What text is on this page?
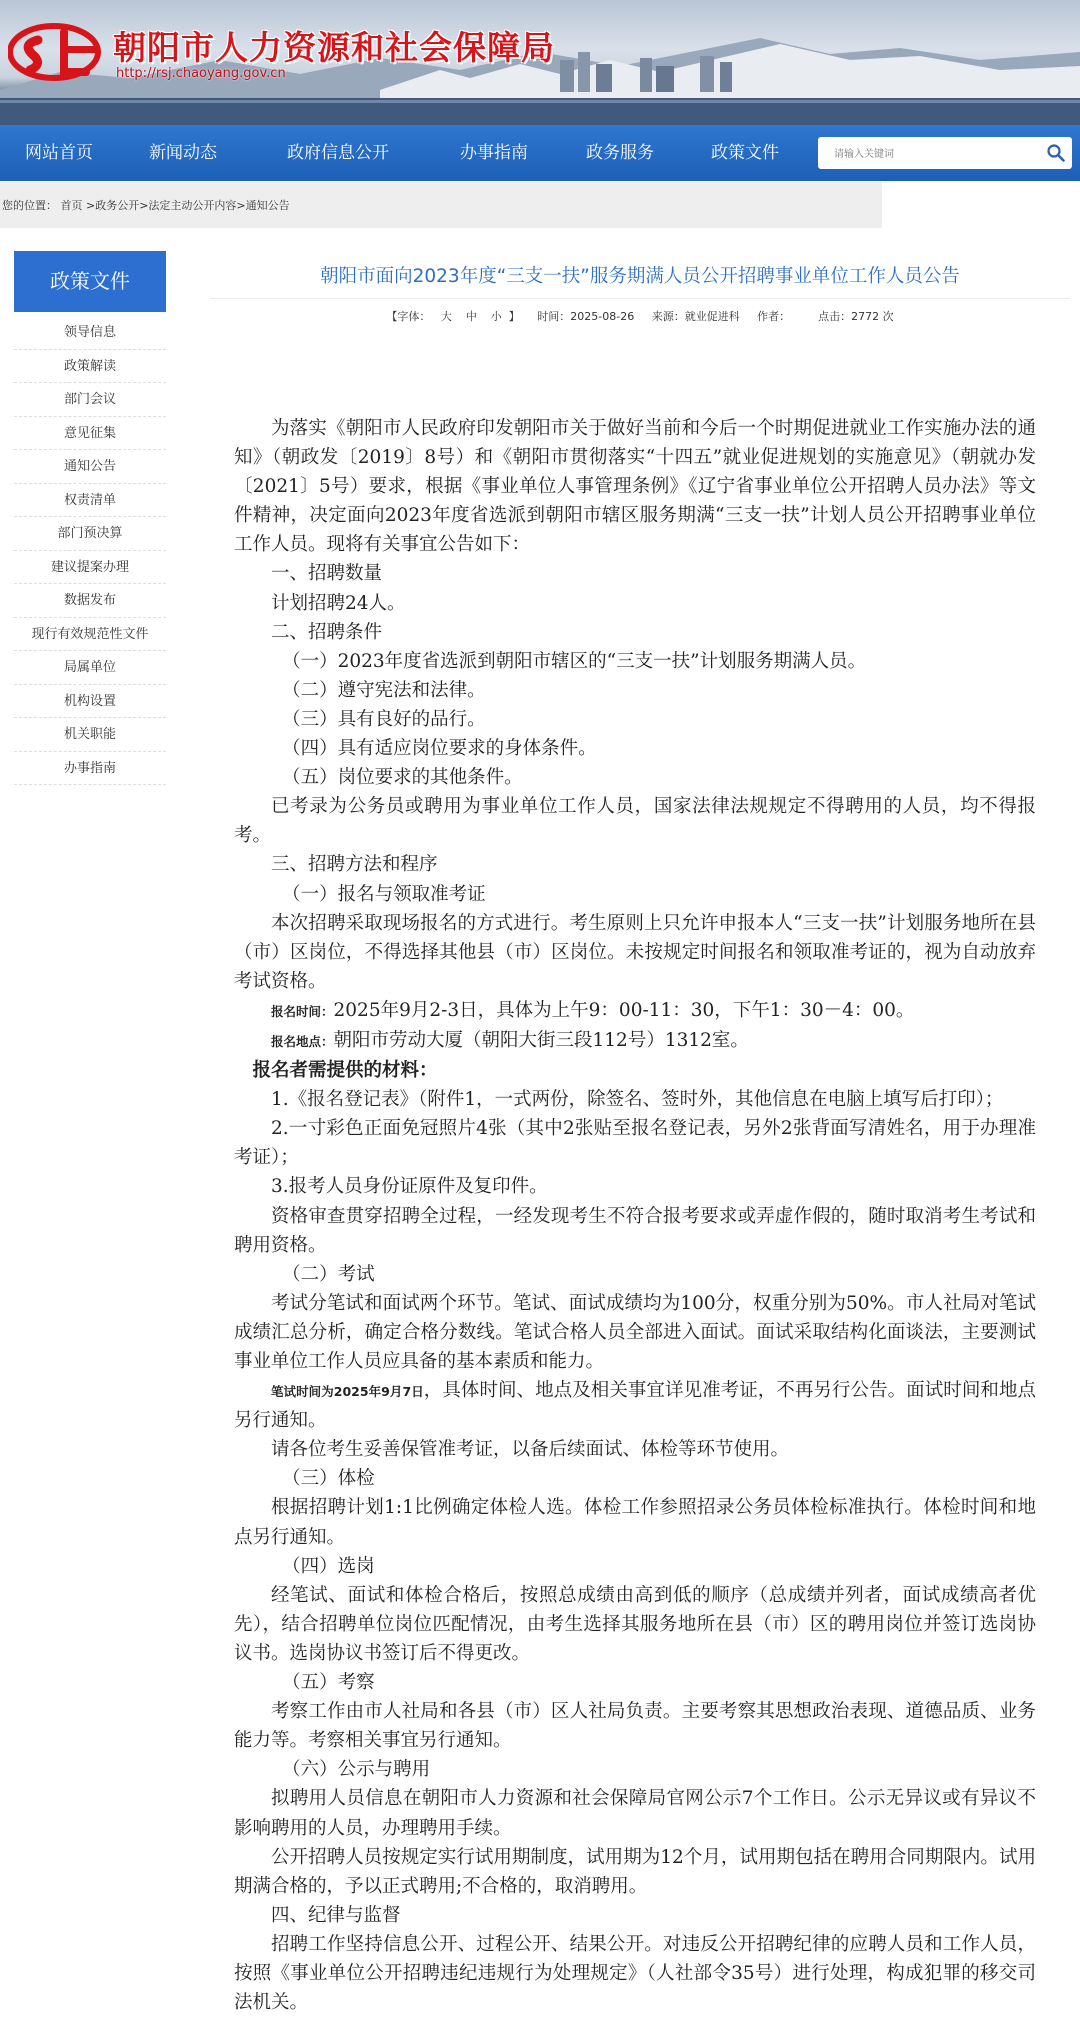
朝阳市人力资源和社会保障局
http://rsj.chaoyang.gov.cn
网站首页	新闻动态	政府信息公开	办事指南	政务服务	政策文件
请输入关键词
您的位置： 首页 >政务公开>法定主动公开内容>通知公告
政策文件
领导信息
政策解读
部门会议
意见征集
通知公告
权责清单
部门预决算
建议提案办理
数据发布
现行有效规范性文件
局属单位
机构设置
机关职能
办事指南
朝阳市面向2023年度“三支一扶”服务期满人员公开招聘事业单位工作人员公告
【字体：   大    中    小  】     时间：2025-08-26     来源：就业促进科     作者：        点击：2772 次

为落实《朝阳市人民政府印发朝阳市关于做好当前和今后一个时期促进就业工作实施办法的通知》（朝政发〔2019〕8号）和《朝阳市贯彻落实“十四五”就业促进规划的实施意见》（朝就办发〔2021〕5号）要求，根据《事业单位人事管理条例》《辽宁省事业单位公开招聘人员办法》等文件精神，决定面向2023年度省选派到朝阳市辖区服务期满“三支一扶”计划人员公开招聘事业单位工作人员。现将有关事宜公告如下：

一、招聘数量

计划招聘24人。

二、招聘条件

（一）2023年度省选派到朝阳市辖区的“三支一扶”计划服务期满人员。

（二）遵守宪法和法律。

（三）具有良好的品行。

（四）具有适应岗位要求的身体条件。

（五）岗位要求的其他条件。

已考录为公务员或聘用为事业单位工作人员，国家法律法规规定不得聘用的人员，均不得报考。

三、招聘方法和程序

（一）报名与领取准考证

本次招聘采取现场报名的方式进行。考生原则上只允许申报本人“三支一扶”计划服务地所在县（市）区岗位，不得选择其他县（市）区岗位。未按规定时间报名和领取准考证的，视为自动放弃考试资格。

报名时间：2025年9月2-3日，具体为上午9：00-11：30，下午1：30－4：00。

报名地点：朝阳市劳动大厦（朝阳大街三段112号）1312室。

报名者需提供的材料：

1.《报名登记表》（附件1，一式两份，除签名、签时外，其他信息在电脑上填写后打印）；

2.一寸彩色正面免冠照片4张（其中2张贴至报名登记表，另外2张背面写清姓名，用于办理准考证）；

3.报考人员身份证原件及复印件。

资格审查贯穿招聘全过程，一经发现考生不符合报考要求或弄虚作假的，随时取消考生考试和聘用资格。

（二）考试

考试分笔试和面试两个环节。笔试、面试成绩均为100分，权重分别为50%。市人社局对笔试成绩汇总分析，确定合格分数线。笔试合格人员全部进入面试。面试采取结构化面谈法，主要测试事业单位工作人员应具备的基本素质和能力。

笔试时间为2025年9月7日，具体时间、地点及相关事宜详见准考证，不再另行公告。面试时间和地点另行通知。

请各位考生妥善保管准考证，以备后续面试、体检等环节使用。

（三）体检

根据招聘计划1:1比例确定体检人选。体检工作参照招录公务员体检标准执行。体检时间和地点另行通知。

（四）选岗

经笔试、面试和体检合格后，按照总成绩由高到低的顺序（总成绩并列者，面试成绩高者优先），结合招聘单位岗位匹配情况，由考生选择其服务地所在县（市）区的聘用岗位并签订选岗协议书。选岗协议书签订后不得更改。

（五）考察

考察工作由市人社局和各县（市）区人社局负责。主要考察其思想政治表现、道德品质、业务能力等。考察相关事宜另行通知。

（六）公示与聘用

拟聘用人员信息在朝阳市人力资源和社会保障局官网公示7个工作日。公示无异议或有异议不影响聘用的人员，办理聘用手续。

公开招聘人员按规定实行试用期制度，试用期为12个月，试用期包括在聘用合同期限内。试用期满合格的，予以正式聘用;不合格的，取消聘用。

四、纪律与监督

招聘工作坚持信息公开、过程公开、结果公开。对违反公开招聘纪律的应聘人员和工作人员，按照《事业单位公开招聘违纪违规行为处理规定》（人社部令35号）进行处理，构成犯罪的移交司法机关。
